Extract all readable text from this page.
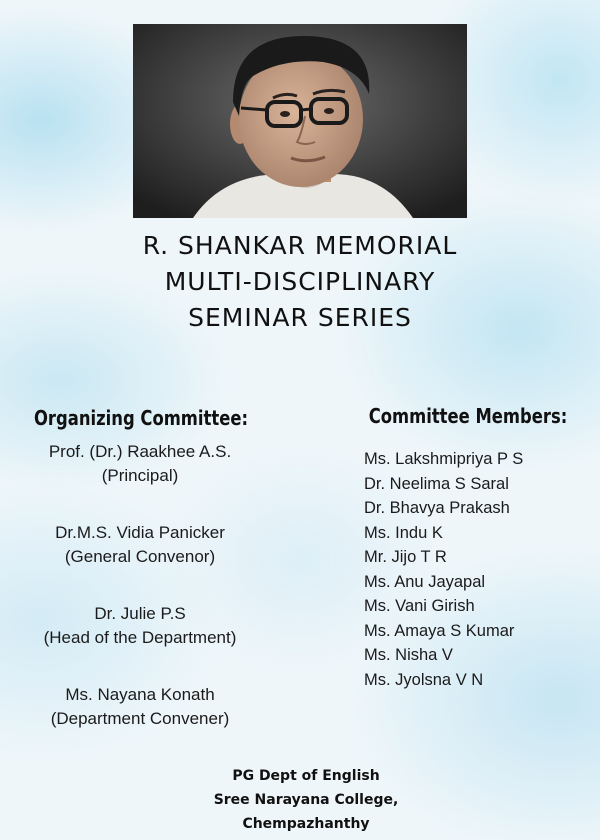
R. SHANKAR MEMORIAL
MULTI-DISCIPLINARY
SEMINAR SERIES
Organizing Committee:
Prof. (Dr.) Raakhee A.S.
(Principal)
Dr.M.S. Vidia Panicker
(General Convenor)
Dr. Julie P.S
(Head of the Department)
Ms. Nayana Konath
(Department Convener)
Committee Members:
Ms. Lakshmipriya P S
Dr. Neelima S Saral
Dr. Bhavya Prakash
Ms. Indu K
Mr. Jijo T R
Ms. Anu Jayapal
Ms. Vani Girish
Ms. Amaya S Kumar
Ms. Nisha V
Ms. Jyolsna V N
PG Dept of English
Sree Narayana College,
Chempazhanthy
